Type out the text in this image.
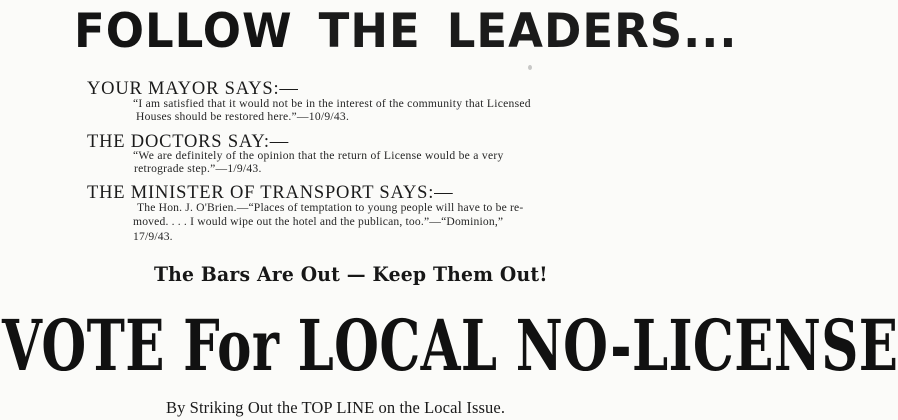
FOLLOW THE LEADERS...
YOUR MAYOR SAYS:—
“I am satisfied that it would not be in the interest of the community that Licensed
Houses should be restored here.”—10/9/43.
THE DOCTORS SAY:—
“We are definitely of the opinion that the return of License would be a very
retrograde step.”—1/9/43.
THE MINISTER OF TRANSPORT SAYS:—
The Hon. J. O'Brien.—“Places of temptation to young people will have to be re-
moved. . . . I would wipe out the hotel and the publican, too.”—“Dominion,”
17/9/43.
The Bars Are Out — Keep Them Out!
VOTE For LOCAL NO-LICENSE
By Striking Out the TOP LINE on the Local Issue.
